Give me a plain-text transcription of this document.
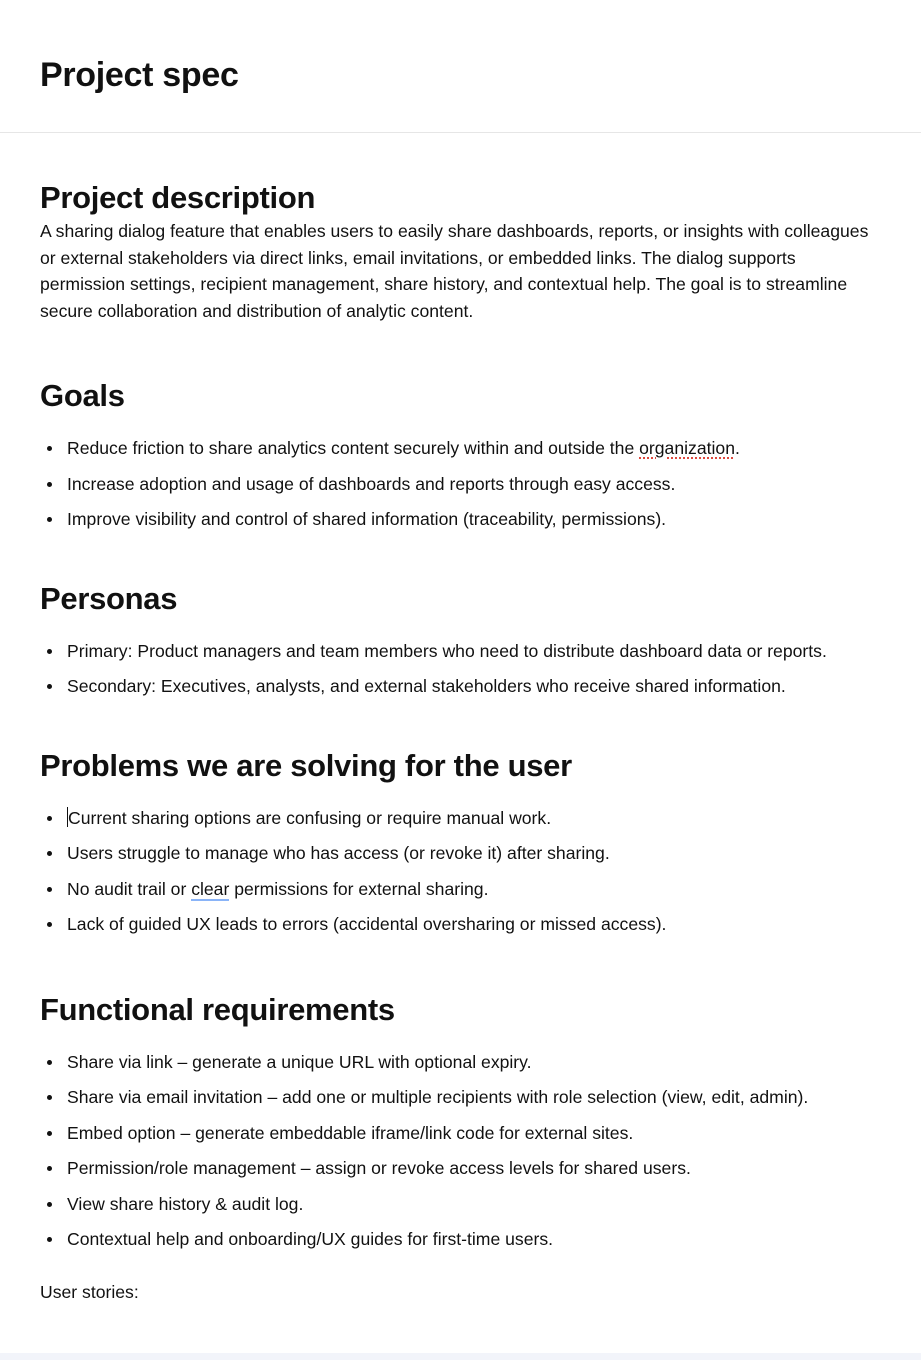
Project spec
Project description

A sharing dialog feature that enables users to easily share dashboards, reports, or insights with colleagues or external stakeholders via direct links, email invitations, or embedded links. The dialog supports permission settings, recipient management, share history, and contextual help. The goal is to streamline secure collaboration and distribution of analytic content.

Goals
Reduce friction to share analytics content securely within and outside the organization.
Increase adoption and usage of dashboards and reports through easy access.
Improve visibility and control of shared information (traceability, permissions).
Personas
Primary: Product managers and team members who need to distribute dashboard data or reports.
Secondary: Executives, analysts, and external stakeholders who receive shared information.
Problems we are solving for the user
Current sharing options are confusing or require manual work.
Users struggle to manage who has access (or revoke it) after sharing.
No audit trail or clear permissions for external sharing.
Lack of guided UX leads to errors (accidental oversharing or missed access).
Functional requirements
Share via link – generate a unique URL with optional expiry.
Share via email invitation – add one or multiple recipients with role selection (view, edit, admin).
Embed option – generate embeddable iframe/link code for external sites.
Permission/role management – assign or revoke access levels for shared users.
View share history & audit log.
Contextual help and onboarding/UX guides for first-time users.

User stories:
